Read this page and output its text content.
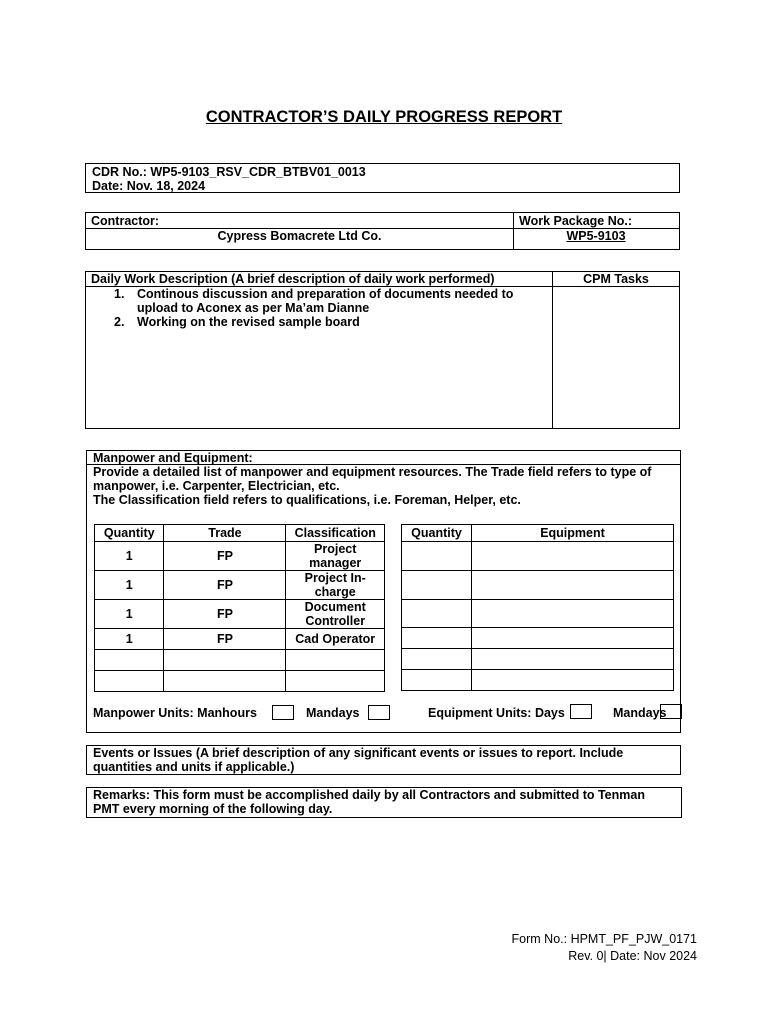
CONTRACTOR’S DAILY PROGRESS REPORT
CDR No.: WP5-9103_RSV_CDR_BTBV01_0013
Date: Nov. 18, 2024
Contractor:
Cypress Bomacrete Ltd Co.
Work Package No.:
WP5-9103
Daily Work Description (A brief description of daily work performed)	CPM Tasks
1. Continous discussion and preparation of documents needed to
upload to Aconex as per Ma’am Dianne
2. Working on the revised sample board
Manpower and Equipment:
Provide a detailed list of manpower and equipment resources. The Trade field refers to type of
manpower, i.e. Carpenter, Electrician, etc.
The Classification field refers to qualifications, i.e. Foreman, Helper, etc.
Quantity	Trade	Classification
1	FP	Project
manager

1	FP	Project In-
charge

1	FP	Document
Controller

1	FP	Cad Operator

Quantity	Equipment

Manpower Units: Manhours	Mandays	Equipment Units: Days	Mandays
Events or Issues (A brief description of any significant events or issues to report. Include
quantities and units if applicable.)
Remarks: This form must be accomplished daily by all Contractors and submitted to Tenman
PMT every morning of the following day.
Form No.: HPMT_PF_PJW_0171
Rev. 0| Date: Nov 2024
